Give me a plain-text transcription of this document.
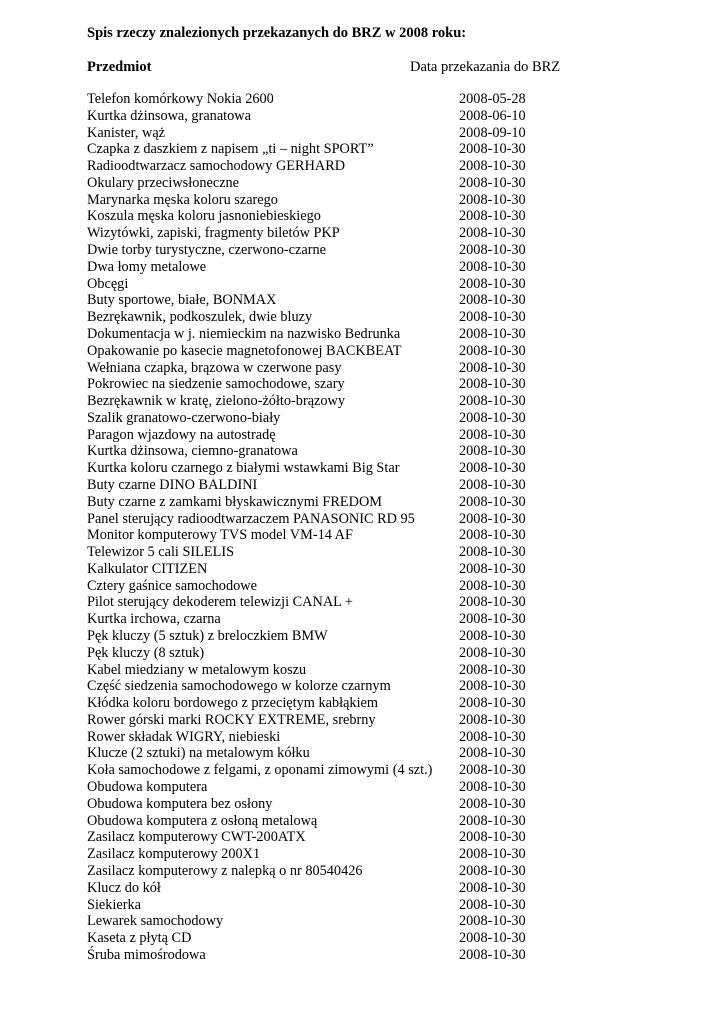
Spis rzeczy znalezionych przekazanych do BRZ w 2008 roku:
Przedmiot	Data przekazania do BRZ
Telefon komórkowy Nokia 2600	2008-05-28
Kurtka dżinsowa, granatowa	2008-06-10
Kanister, wąż	2008-09-10
Czapka z daszkiem z napisem „ti – night SPORT”	2008-10-30
Radioodtwarzacz samochodowy GERHARD	2008-10-30
Okulary przeciwsłoneczne	2008-10-30
Marynarka męska koloru szarego	2008-10-30
Koszula męska koloru jasnoniebieskiego	2008-10-30
Wizytówki, zapiski, fragmenty biletów PKP	2008-10-30
Dwie torby turystyczne, czerwono-czarne	2008-10-30
Dwa łomy metalowe	2008-10-30
Obcęgi	2008-10-30
Buty sportowe, białe, BONMAX	2008-10-30
Bezrękawnik, podkoszulek, dwie bluzy	2008-10-30
Dokumentacja w j. niemieckim na nazwisko Bedrunka	2008-10-30
Opakowanie po kasecie magnetofonowej BACKBEAT	2008-10-30
Wełniana czapka, brązowa w czerwone pasy	2008-10-30
Pokrowiec na siedzenie samochodowe, szary	2008-10-30
Bezrękawnik w kratę, zielono-żółto-brązowy	2008-10-30
Szalik granatowo-czerwono-biały	2008-10-30
Paragon wjazdowy na autostradę	2008-10-30
Kurtka dżinsowa, ciemno-granatowa	2008-10-30
Kurtka koloru czarnego z białymi wstawkami Big Star	2008-10-30
Buty czarne DINO BALDINI	2008-10-30
Buty czarne z zamkami błyskawicznymi FREDOM	2008-10-30
Panel sterujący radioodtwarzaczem PANASONIC RD 95	2008-10-30
Monitor komputerowy TVS model VM-14 AF	2008-10-30
Telewizor 5 cali SILELIS	2008-10-30
Kalkulator CITIZEN	2008-10-30
Cztery gaśnice samochodowe	2008-10-30
Pilot sterujący dekoderem telewizji CANAL +	2008-10-30
Kurtka irchowa, czarna	2008-10-30
Pęk kluczy (5 sztuk) z breloczkiem BMW	2008-10-30
Pęk kluczy (8 sztuk)	2008-10-30
Kabel miedziany w metalowym koszu	2008-10-30
Część siedzenia samochodowego w kolorze czarnym	2008-10-30
Kłódka koloru bordowego z przeciętym kabłąkiem	2008-10-30
Rower górski marki ROCKY EXTREME, srebrny	2008-10-30
Rower składak WIGRY, niebieski	2008-10-30
Klucze (2 sztuki) na metalowym kółku	2008-10-30
Koła samochodowe z felgami, z oponami zimowymi (4 szt.) 2008-10-30
Obudowa komputera	2008-10-30
Obudowa komputera bez osłony	2008-10-30
Obudowa komputera z osłoną metalową	2008-10-30
Zasilacz komputerowy CWT-200ATX	2008-10-30
Zasilacz komputerowy 200X1	2008-10-30
Zasilacz komputerowy z nalepką o nr 80540426	2008-10-30
Klucz do kół	2008-10-30
Siekierka	2008-10-30
Lewarek samochodowy	2008-10-30
Kaseta z płytą CD	2008-10-30
Śruba mimośrodowa	2008-10-30
